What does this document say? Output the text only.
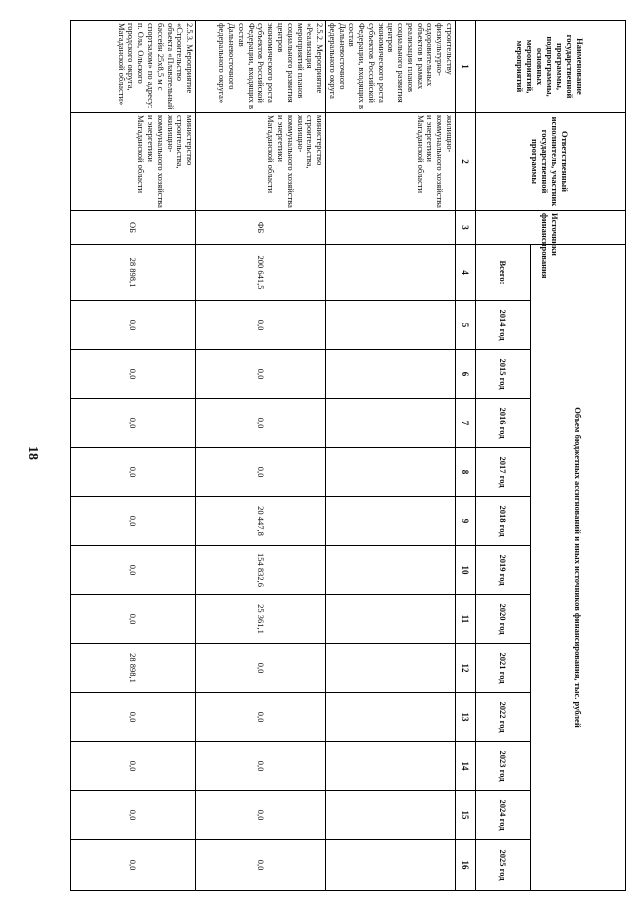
18
Наименование государственной программы, подпрограммы, основных мероприятий, мероприятий	Ответственный исполнитель, участник государственной программы	Источники финансирования	Объем бюджетных ассигнований и иных источников финансирования, тыс. рублей												
			Всего:	2014 год	2015 год	2016 год	2017 год	2018 год	2019 год	2020 год	2021 год	2022 год	2023 год	2024 год	2025 год
1	2	3	4	5	6	7	8	9	10	11	12	13	14	15	16
строительству физкультурно-оздоровительных объектов в рамках реализации планов социального развития центров экономического роста субъектов Российской Федерации, входящих в состав Дальневосточного федерального округа	жилищно-коммунального хозяйства и энергетики Магаданской области														
2.5.2. Мероприятие «Реализация мероприятий планов социального развития центров экономического роста субъектов Российской Федерации, входящих в состав Дальневосточного федерального округа»	министерство строительства, жилищно-коммунального хозяйства и энергетики Магаданской области	ФБ	200 641,5	0,0	0,0	0,0	0,0	20 447,8	154 832,6	25 361,1	0,0	0,0	0,0	0,0	0,0
2.5.3. Мероприятие «Строительство объекта «Плавательный бассейн 25х8,5 м с спортзалом» по адресу: п. Ола, Ольского городского округа, Магаданской области»	министерство строительства, жилищно-коммунального хозяйства и энергетики Магаданской области	ОБ	28 898,1	0,0	0,0	0,0	0,0	0,0	0,0	0,0	28 898,1	0,0	0,0	0,0	0,0
